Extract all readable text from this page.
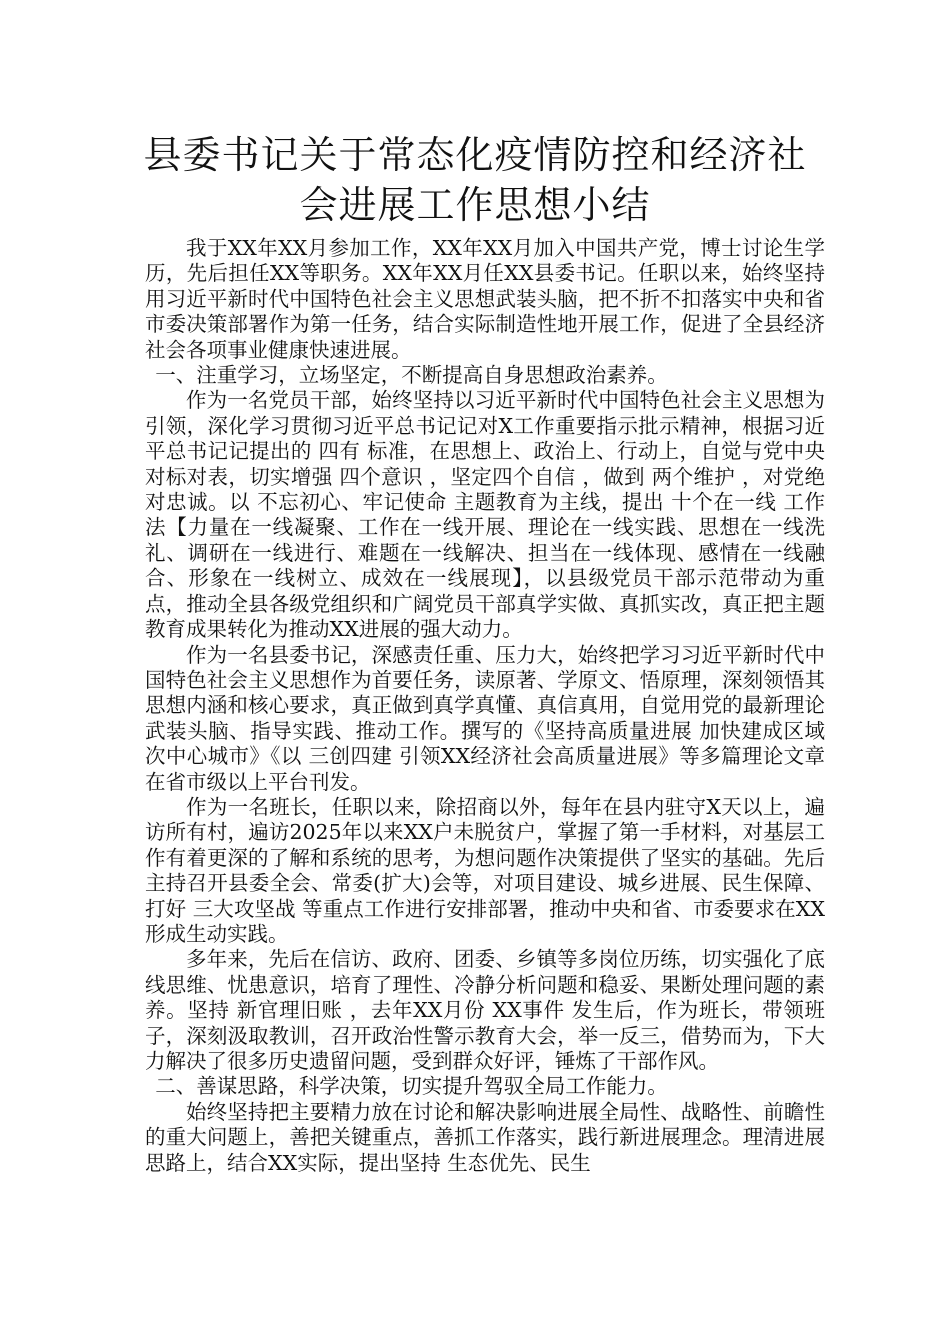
县委书记关于常态化疫情防控和经济社
会进展工作思想小结

我于XX年XX月参加工作，XX年XX月加入中国共产党，博士讨论生学历，先后担任XX等职务。XX年XX月任XX县委书记。任职以来，始终坚持用习近平新时代中国特色社会主义思想武装头脑，把不折不扣落实中央和省市委决策部署作为第一任务，结合实际制造性地开展工作，促进了全县经济社会各项事业健康快速进展。

一、注重学习，立场坚定，不断提高自身思想政治素养。

作为一名党员干部，始终坚持以习近平新时代中国特色社会主义思想为引领，深化学习贯彻习近平总书记记对X工作重要指示批示精神，根据习近平总书记记提出的 四有 标准，在思想上、政治上、行动上，自觉与党中央对标对表，切实增强 四个意识 ，坚定四个自信 ，做到 两个维护 ，对党绝对忠诚。以 不忘初心、牢记使命 主题教育为主线，提出 十个在一线 工作法【力量在一线凝聚、工作在一线开展、理论在一线实践、思想在一线洗礼、调研在一线进行、难题在一线解决、担当在一线体现、感情在一线融合、形象在一线树立、成效在一线展现】，以县级党员干部示范带动为重点，推动全县各级党组织和广阔党员干部真学实做、真抓实改，真正把主题教育成果转化为推动XX进展的强大动力。

作为一名县委书记，深感责任重、压力大，始终把学习习近平新时代中国特色社会主义思想作为首要任务，读原著、学原文、悟原理，深刻领悟其思想内涵和核心要求，真正做到真学真懂、真信真用，自觉用党的最新理论武装头脑、指导实践、推动工作。撰写的《坚持高质量进展 加快建成区域次中心城市》《以 三创四建 引领XX经济社会高质量进展》等多篇理论文章在省市级以上平台刊发。

作为一名班长，任职以来，除招商以外，每年在县内驻守X天以上，遍访所有村，遍访2025年以来XX户未脱贫户，掌握了第一手材料，对基层工作有着更深的了解和系统的思考，为想问题作决策提供了坚实的基础。先后主持召开县委全会、常委(扩大)会等，对项目建设、城乡进展、民生保障、打好 三大攻坚战 等重点工作进行安排部署，推动中央和省、市委要求在XX形成生动实践。

多年来，先后在信访、政府、团委、乡镇等多岗位历练，切实强化了底线思维、忧患意识，培育了理性、冷静分析问题和稳妥、果断处理问题的素养。坚持 新官理旧账 ，去年XX月份 XX事件 发生后，作为班长，带领班子，深刻汲取教训，召开政治性警示教育大会，举一反三，借势而为，下大力解决了很多历史遗留问题，受到群众好评，锤炼了干部作风。

二、善谋思路，科学决策，切实提升驾驭全局工作能力。

始终坚持把主要精力放在讨论和解决影响进展全局性、战略性、前瞻性的重大问题上，善把关键重点，善抓工作落实，践行新进展理念。理清进展思路上，结合XX实际，提出坚持 生态优先、民生
